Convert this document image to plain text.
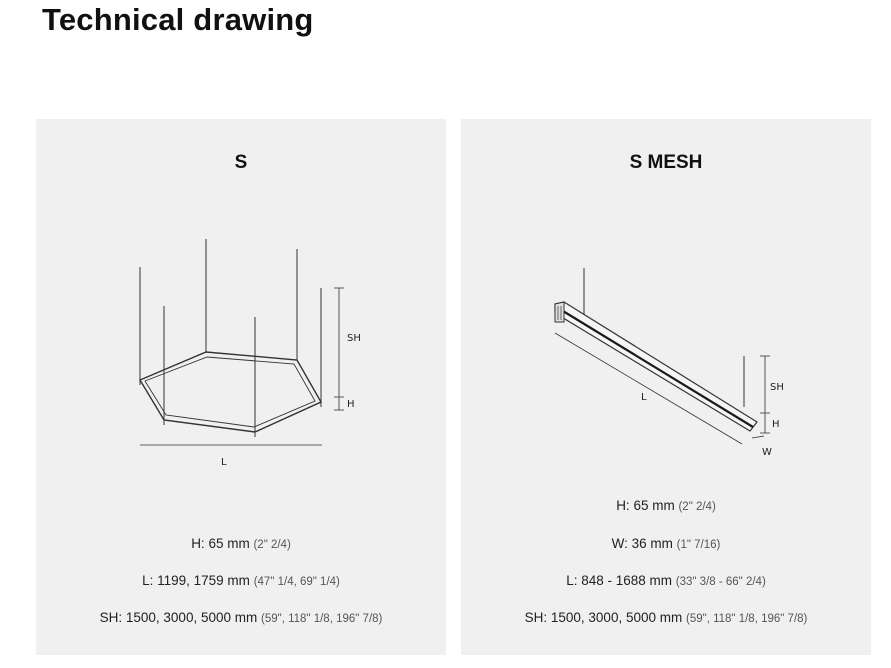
Technical drawing
S
SH
H
L
H: 65 mm (2" 2/4)
L: 1199, 1759 mm (47" 1/4, 69" 1/4)
SH: 1500, 3000, 5000 mm (59", 118" 1/8, 196" 7/8)
S MESH
SH
H
L
W
H: 65 mm (2" 2/4)
W: 36 mm (1" 7/16)
L: 848 - 1688 mm (33" 3/8 - 66" 2/4)
SH: 1500, 3000, 5000 mm (59", 118" 1/8, 196" 7/8)
